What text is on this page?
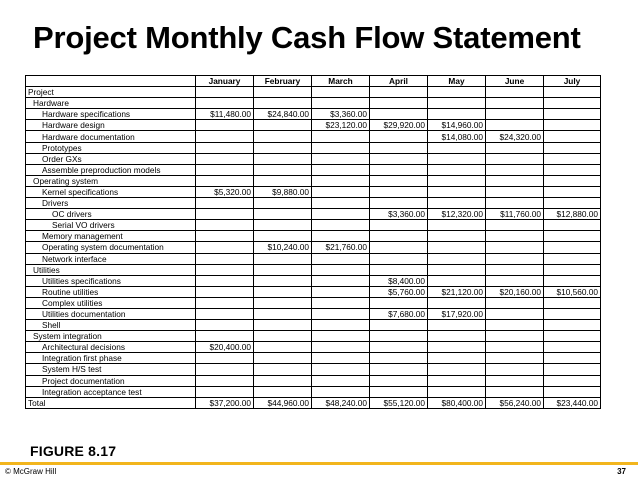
Project Monthly Cash Flow Statement
	January	February	March	April	May	June	July
Project							
Hardware							
Hardware specifications	$11,480.00	$24,840.00	$3,360.00				
Hardware design			$23,120.00	$29,920.00	$14,960.00		
Hardware documentation					$14,080.00	$24,320.00	
Prototypes							
Order GXs							
Assemble preproduction models							
Operating system							
Kernel specifications	$5,320.00	$9,880.00					
Drivers							
OC drivers				$3,360.00	$12,320.00	$11,760.00	$12,880.00
Serial VO drivers							
Memory management							
Operating system documentation		$10,240.00	$21,760.00				
Network interface							
Utilities							
Utilities specifications				$8,400.00			
Routine utilities				$5,760.00	$21,120.00	$20,160.00	$10,560.00
Complex utilities							
Utilities documentation				$7,680.00	$17,920.00		
Shell							
System integration							
Architectural decisions	$20,400.00						
Integration first phase							
System H/S test							
Project documentation							
Integration acceptance test							
Total	$37,200.00	$44,960.00	$48,240.00	$55,120.00	$80,400.00	$56,240.00	$23,440.00
FIGURE 8.17
© McGraw Hill	37
